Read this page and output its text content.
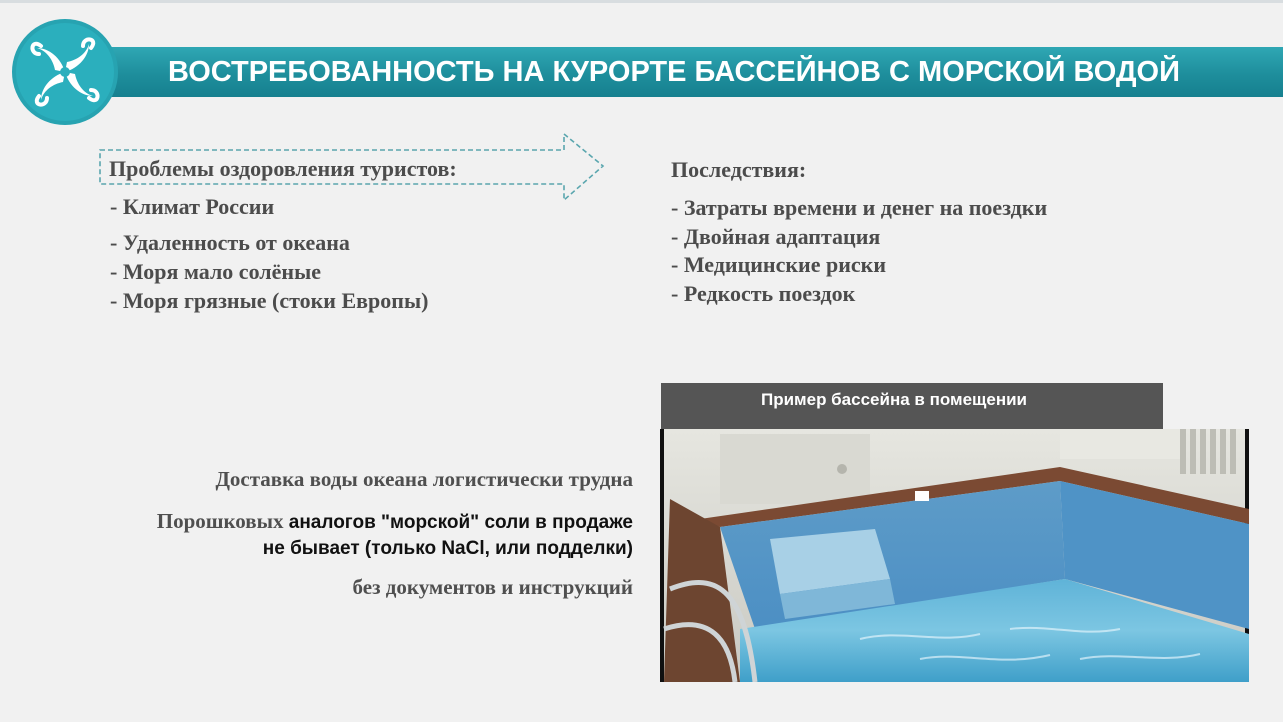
ВОСТРЕБОВАННОСТЬ НА КУРОРТЕ БАССЕЙНОВ С МОРСКОЙ ВОДОЙ
Проблемы оздоровления туристов:
- Климат России
- Удаленность от океана
- Моря мало солёные
- Моря грязные (стоки Европы)
Последствия:
- Затраты времени и денег на поездки
- Двойная адаптация
- Медицинские риски
- Редкость поездок
Доставка воды океана логистически трудна
Порошковых аналогов "морской" соли в продаже
не бывает (только NaCl, или подделки)
без документов и инструкций
Пример бассейна в помещении
